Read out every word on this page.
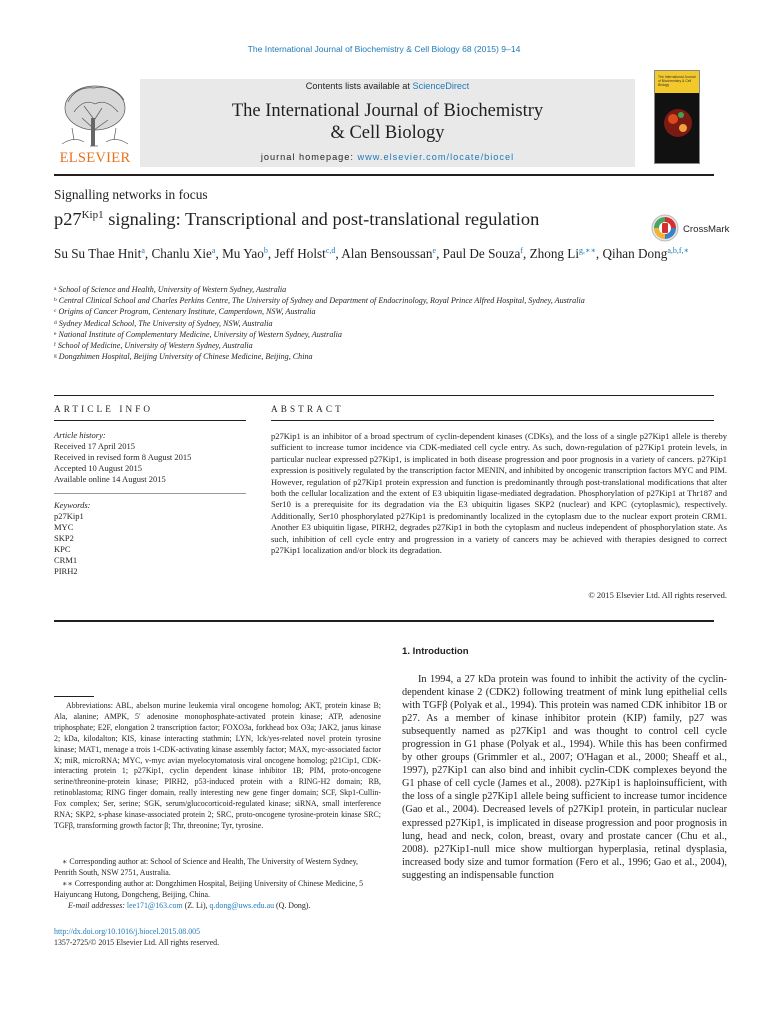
The International Journal of Biochemistry & Cell Biology 68 (2015) 9–14
ELSEVIER
Contents lists available at ScienceDirect
The International Journal of Biochemistry
& Cell Biology
journal homepage: www.elsevier.com/locate/biocel
The International Journal of Biochemistry & Cell Biology
Signalling networks in focus
$p27^{Kip1}$ signaling: Transcriptional and post-translational regulation
CrossMark
Su Su Thae Hnit$^a$, Chanlu Xie$^a$, Mu Yao$^b$, Jeff Holst$^{c,d}$, Alan Bensoussan$^e$, Paul De Souza$^f$, Zhong $Li^{g,∗∗}$, Qihan Dong$^{a,b,f,∗}$
$^a$ School of Science and Health, University of Western Sydney, Australia
$^b$ Central Clinical School and Charles Perkins Centre, The University of Sydney and Department of Endocrinology, Royal Prince Alfred Hospital, Sydney, Australia
$^c$ Origins of Cancer Program, Centenary Institute, Camperdown, NSW, Australia
$^d$ Sydney Medical School, The University of Sydney, NSW, Australia
$^e$ National Institute of Complementary Medicine, University of Western Sydney, Australia
$^f$ School of Medicine, University of Western Sydney, Australia
$^g$ Dongzhimen Hospital, Beijing University of Chinese Medicine, Beijing, China
ARTICLE INFO	ABSTRACT
Article history:
Received 17 April 2015
Received in revised form 8 August 2015
Accepted 10 August 2015
Available online 14 August 2015
Keywords:
p27Kip1
MYC
SKP2
KPC
CRM1
PIRH2
p27Kip1 is an inhibitor of a broad spectrum of cyclin-dependent kinases (CDKs), and the loss of a single p27Kip1 allele is thereby sufficient to increase tumor incidence via CDK-mediated cell cycle entry. As such, down-regulation of p27Kip1 protein levels, in particular nuclear expressed p27Kip1, is implicated in both disease progression and poor prognosis in a variety of cancers. p27Kip1 expression is positively regulated by the transcription factor MENIN, and inhibited by oncogenic transcription factors MYC and PIM. However, regulation of p27Kip1 protein expression and function is predominantly through post-translational modifications that alter both the cellular localization and the extent of E3 ubiquitin ligase-mediated degradation. Phosphorylation of p27Kip1 at Thr187 and Ser10 is a prerequisite for its degradation via the E3 ubiquitin ligases SKP2 (nuclear) and KPC (cytoplasmic), respectively. Additionally, Ser10 phosphorylated p27Kip1 is predominantly localized in the cytoplasm due to the nuclear export protein CRM1. Another E3 ubiquitin ligase, PIRH2, degrades p27Kip1 in both the cytoplasm and nucleus independent of phosphorylation state. As such, inhibition of cell cycle entry and progression in a variety of cancers may be achieved with therapies designed to correct p27Kip1 localization and/or block its degradation.
© 2015 Elsevier Ltd. All rights reserved.
1. Introduction
In 1994, a 27 kDa protein was found to inhibit the activity of the cyclin-dependent kinase 2 (CDK2) following treatment of mink lung epithelial cells with TGFβ (Polyak et al., 1994). This protein was named CDK inhibitor 1B or p27. As a member of kinase inhibitor protein (KIP) family, p27 was subsequently named as p27Kip1 and was thought to control cell cycle progression in G1 phase (Polyak et al., 1994). While this has been confirmed by other groups (Grimmler et al., 2007; O'Hagan et al., 2000; Sheaff et al., 1997), p27Kip1 can also bind and inhibit cyclin-CDK complexes beyond the G1 phase of cell cycle (James et al., 2008). p27Kip1 is haploinsufficient, with the loss of a single p27Kip1 allele being sufficient to increase tumor incidence (Gao et al., 2004). Decreased levels of p27Kip1 protein, in particular nuclear expressed p27Kip1, is implicated in disease progression and poor prognosis in lung, head and neck, colon, breast, ovary and prostate cancer (Chu et al., 2008). p27Kip1-null mice show multiorgan hyperplasia, retinal dysplasia, increased body size and tumor formation (Fero et al., 1996; Gao et al., 2004), suggesting an indispensable function
Abbreviations: ABL, abelson murine leukemia viral oncogene homolog; AKT, protein kinase B; Ala, alanine; AMPK, 5′ adenosine monophosphate-activated protein kinase; ATP, adenosine triphosphate; E2F, elongation 2 transcription factor; FOXO3a, forkhead box O3a; JAK2, janus kinase 2; kDa, kilodalton; KIS, kinase interacting stathmin; LYN, lck/yes-related novel protein tyrosine kinase; MAT1, menage a trois 1-CDK-activating kinase assembly factor; MAX, myc-associated factor X; miR, microRNA; MYC, v-myc avian myelocytomatosis viral oncogene homolog; p21Cip1, CDK-interacting protein 1; p27Kip1, cyclin dependent kinase inhibitor 1B; PIM, proto-oncogene serine/threonine-protein kinase; PIRH2, p53-induced protein with a RING-H2 domain; RB, retinoblastoma; RING finger domain, really interesting new gene finger domain; SCF, Skp1-Cullin-Fox complex; Ser, serine; SGK, serum/glucocorticoid-regulated kinase; siRNA, small interference RNA; SKP2, s-phase kinase-associated protein 2; SRC, proto-oncogene tyrosine-protein kinase SRC; TGFβ, transforming growth factor β; Thr, threonine; Tyr, tyrosine.
∗ Corresponding author at: School of Science and Health, The University of Western Sydney, Penrith South, NSW 2751, Australia.
∗∗ Corresponding author at: Dongzhimen Hospital, Beijing University of Chinese Medicine, 5 Haiyuncang Hutong, Dongcheng, Beijing, China.
E-mail addresses: lee171@163.com (Z. Li), q.dong@uws.edu.au (Q. Dong).
http://dx.doi.org/10.1016/j.biocel.2015.08.005
1357-2725/© 2015 Elsevier Ltd. All rights reserved.
